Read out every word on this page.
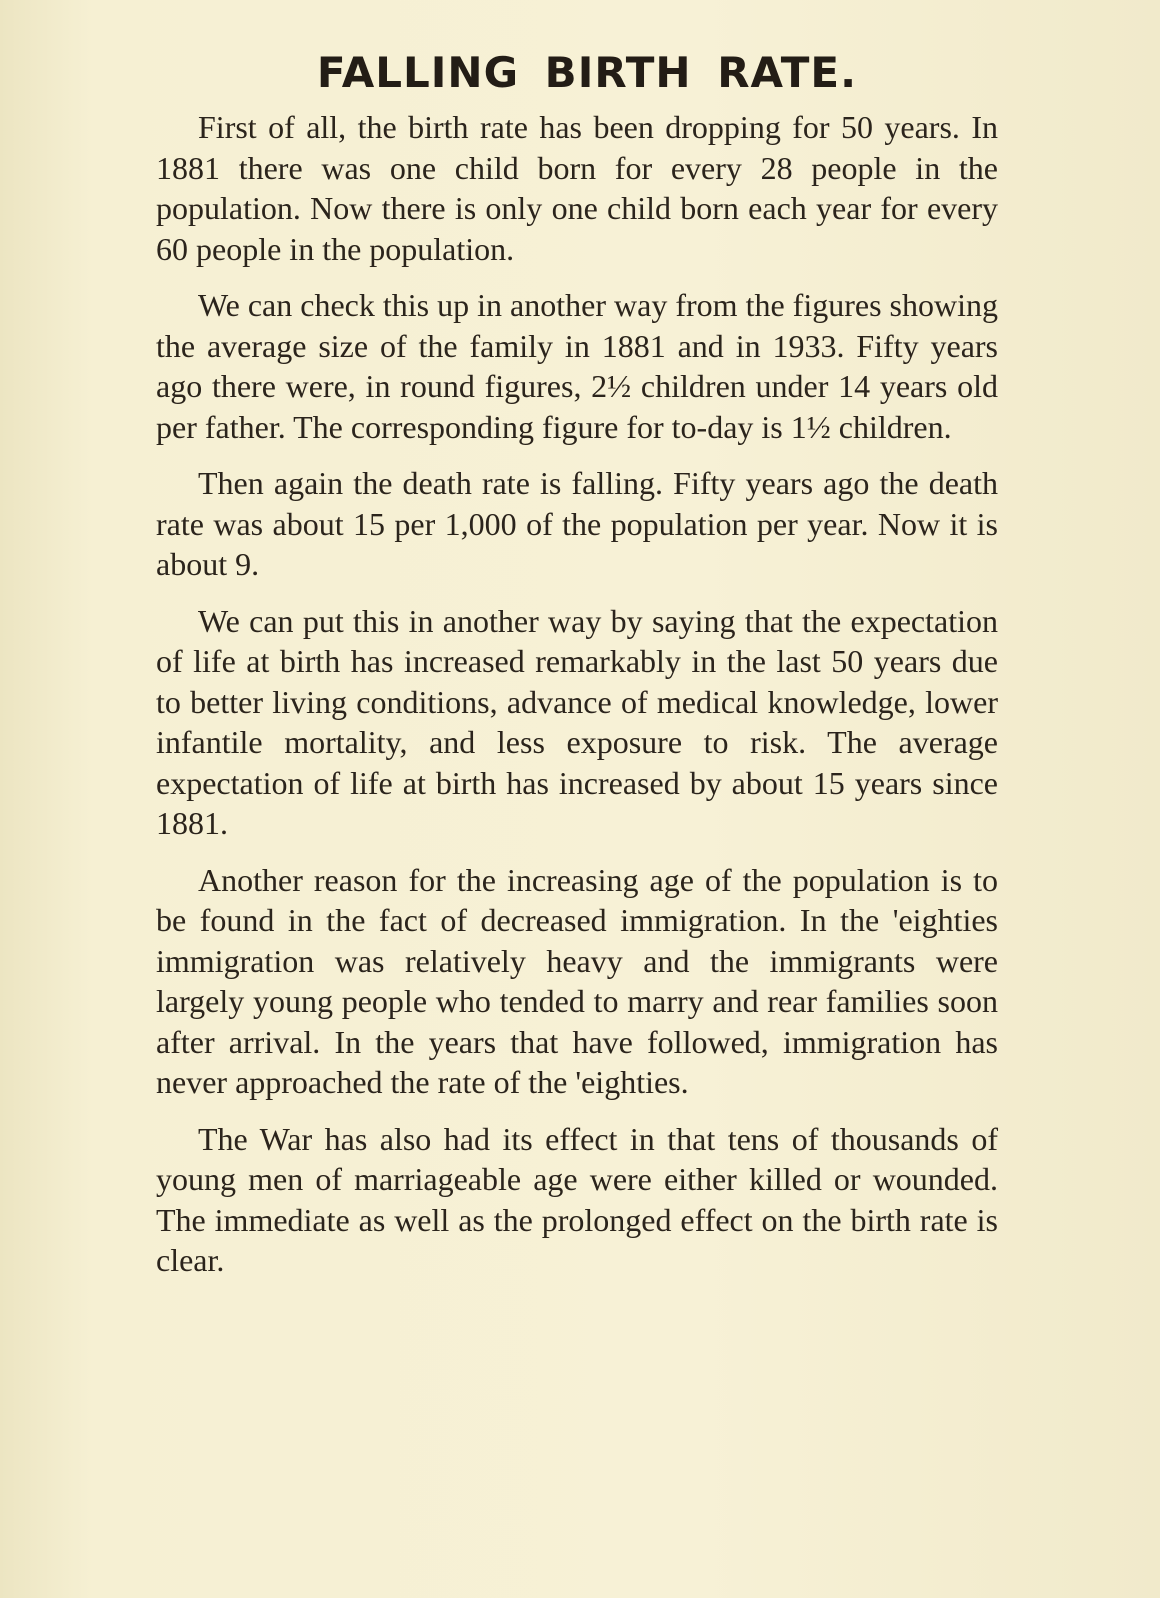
FALLING BIRTH RATE.

First of all, the birth rate has been dropping for 50 years. In 1881 there was one child born for every 28 people in the population. Now there is only one child born each year for every 60 people in the population.

We can check this up in another way from the figures showing the average size of the family in 1881 and in 1933. Fifty years ago there were, in round figures, 2½ children under 14 years old per father. The corresponding figure for to-day is 1½ children.

Then again the death rate is falling. Fifty years ago the death rate was about 15 per 1,000 of the population per year. Now it is about 9.

We can put this in another way by saying that the expectation of life at birth has increased remarkably in the last 50 years due to better living conditions, advance of medical knowledge, lower infantile mortality, and less exposure to risk. The average expectation of life at birth has increased by about 15 years since 1881.

Another reason for the increasing age of the population is to be found in the fact of decreased immigration. In the 'eighties immigration was relatively heavy and the immigrants were largely young people who tended to marry and rear families soon after arrival. In the years that have followed, immigration has never approached the rate of the 'eighties.

The War has also had its effect in that tens of thousands of young men of marriageable age were either killed or wounded. The immediate as well as the prolonged effect on the birth rate is clear.
